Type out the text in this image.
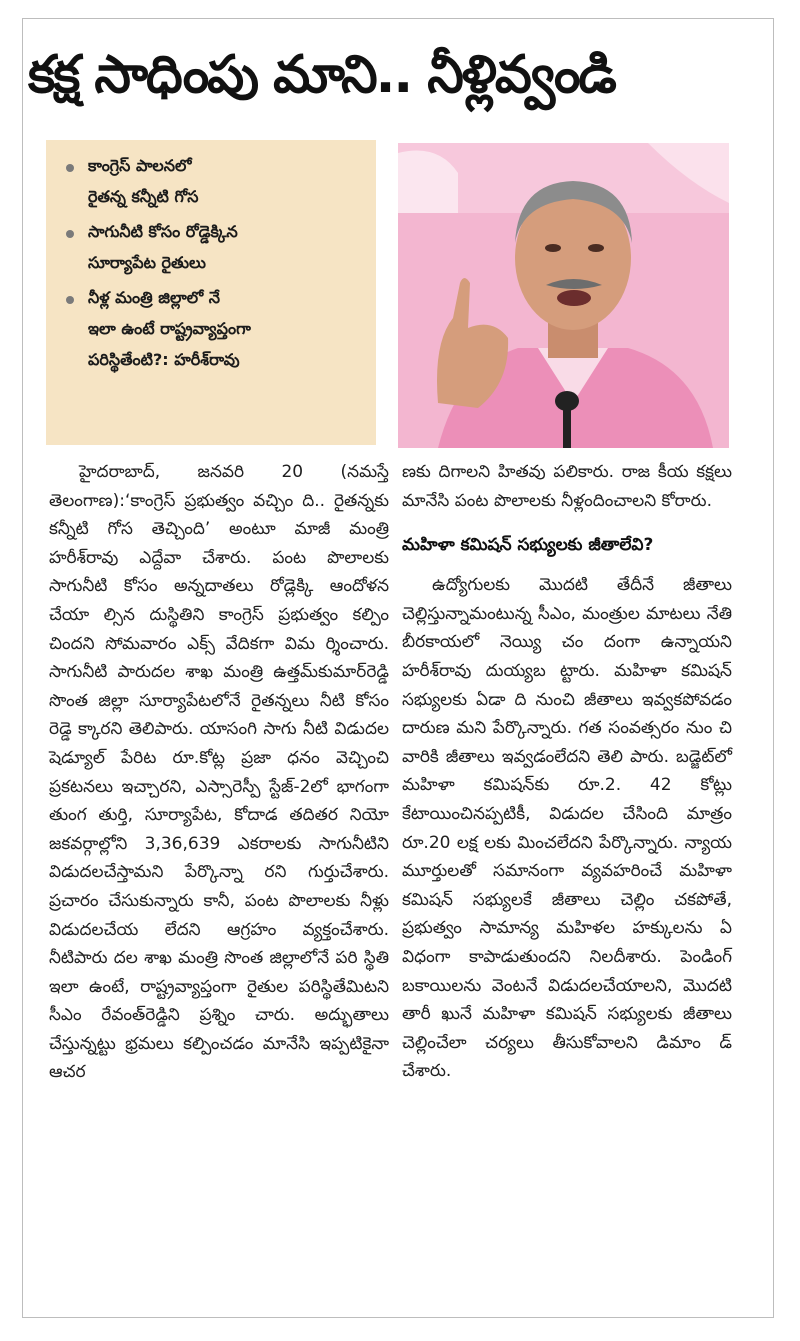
కక్ష సాధింపు మాని.. నీళ్లివ్వండి
కాంగ్రెస్‌ పాలనలో
రైతన్న కన్నీటి గోస
సాగునీటి కోసం రోడ్డెక్కిన
సూర్యాపేట రైతులు
నీళ్ల మంత్రి జిల్లాలో నే
ఇలా ఉంటే రాష్ట్రవ్యాప్తంగా
పరిస్థితేంటి?: హరీశ్‌రావు

హైదరాబాద్‌, జనవరి 20 (నమస్తే తెలంగాణ):‘కాంగ్రెస్‌ ప్రభుత్వం వచ్చిం ది.. రైతన్నకు కన్నీటి గోస తెచ్చింది’ అంటూ మాజీ మంత్రి హరీశ్‌రావు ఎద్దేవా చేశారు. పంట పొలాలకు సాగునీటి కోసం అన్నదాతలు రోడ్లెక్కి ఆందోళన చేయా ల్సిన దుస్థితిని కాంగ్రెస్‌ ప్రభుత్వం కల్పిం చిందని సోమవారం ఎక్స్‌ వేదికగా విమ ర్శించారు. సాగునీటి పారుదల శాఖ మంత్రి ఉత్తమ్‌కుమార్‌రెడ్డి సొంత జిల్లా సూర్యాపేటలోనే రైతన్నలు నీటి కోసం రెడ్డె క్కారని తెలిపారు. యాసంగి సాగు నీటి విడుదల షెడ్యూల్‌ పేరిట రూ.కోట్ల ప్రజా ధనం వెచ్చించి ప్రకటనలు ఇచ్చారని, ఎస్సారెస్పీ స్టేజ్‌-2లో భాగంగా తుంగ తుర్తి, సూర్యాపేట, కోదాడ తదితర నియో జకవర్గాల్లోని 3,36,639 ఎకరాలకు సాగునీటిని విడుదలచేస్తామని పేర్కొన్నా రని గుర్తుచేశారు. ప్రచారం చేసుకున్నారు కానీ, పంట పొలాలకు నీళ్లు విడుదలచేయ లేదని ఆగ్రహం వ్యక్తంచేశారు. నీటిపారు దల శాఖ మంత్రి సొంత జిల్లాలోనే పరి స్థితి ఇలా ఉంటే, రాష్ట్రవ్యాప్తంగా రైతుల పరిస్థితేమిటని సీఎం రేవంత్‌రెడ్డిని ప్రశ్నిం చారు. అద్భుతాలు చేస్తున్నట్టు భ్రమలు కల్పించడం మానేసి ఇప్పటికైనా ఆచర

ణకు దిగాలని హితవు పలికారు. రాజ కీయ కక్షలు మానేసి పంట పొలాలకు నీళ్లందించాలని కోరారు.

మహిళా కమిషన్‌ సభ్యులకు జీతాలేవి?

ఉద్యోగులకు మొదటి తేదీనే జీతాలు చెల్లిస్తున్నామంటున్న సీఎం, మంత్రుల మాటలు నేతి బీరకాయలో నెయ్యి చం దంగా ఉన్నాయని హరీశ్‌రావు దుయ్యబ ట్టారు. మహిళా కమిషన్‌ సభ్యులకు ఏడా ది నుంచి జీతాలు ఇవ్వకపోవడం దారుణ మని పేర్కొన్నారు. గత సంవత్సరం నుం చి వారికి జీతాలు ఇవ్వడంలేదని తెలి పారు. బడ్జెట్‌లో మహిళా కమిషన్‌కు రూ.2. 42 కోట్లు కేటాయించినప్పటికీ, విడుదల చేసింది మాత్రం రూ.20 లక్ష లకు మించలేదని పేర్కొన్నారు. న్యాయ మూర్తులతో సమానంగా వ్యవహరించే మహిళా కమిషన్‌ సభ్యులకే జీతాలు చెల్లిం చకపోతే, ప్రభుత్వం సామాన్య మహిళల హక్కులను ఏ విధంగా కాపాడుతుందని నిలదీశారు. పెండింగ్‌ బకాయిలను వెంటనే విడుదలచేయాలని, మొదటి తారీ ఖునే మహిళా కమిషన్‌ సభ్యులకు జీతాలు చెల్లించేలా చర్యలు తీసుకోవాలని డిమాం డ్‌ చేశారు.
